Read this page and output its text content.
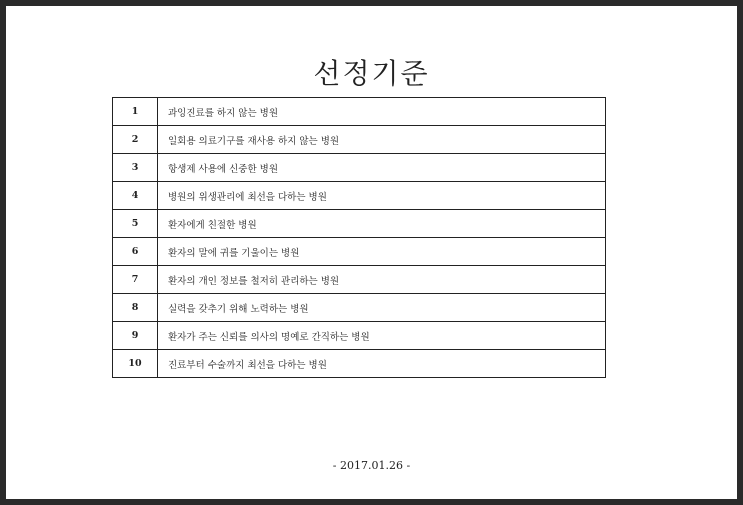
선정기준
1	과잉진료를 하지 않는 병원
2	일회용 의료기구를 재사용 하지 않는 병원
3	항생제 사용에 신중한 병원
4	병원의 위생관리에 최선을 다하는 병원
5	환자에게 친절한 병원
6	환자의 말에 귀를 기울이는 병원
7	환자의 개인 정보를 철저히 관리하는 병원
8	실력을 갖추기 위해 노력하는 병원
9	환자가 주는 신뢰를 의사의 명예로 간직하는 병원
10	진료부터 수술까지 최선을 다하는 병원
- 2017.01.26 -
